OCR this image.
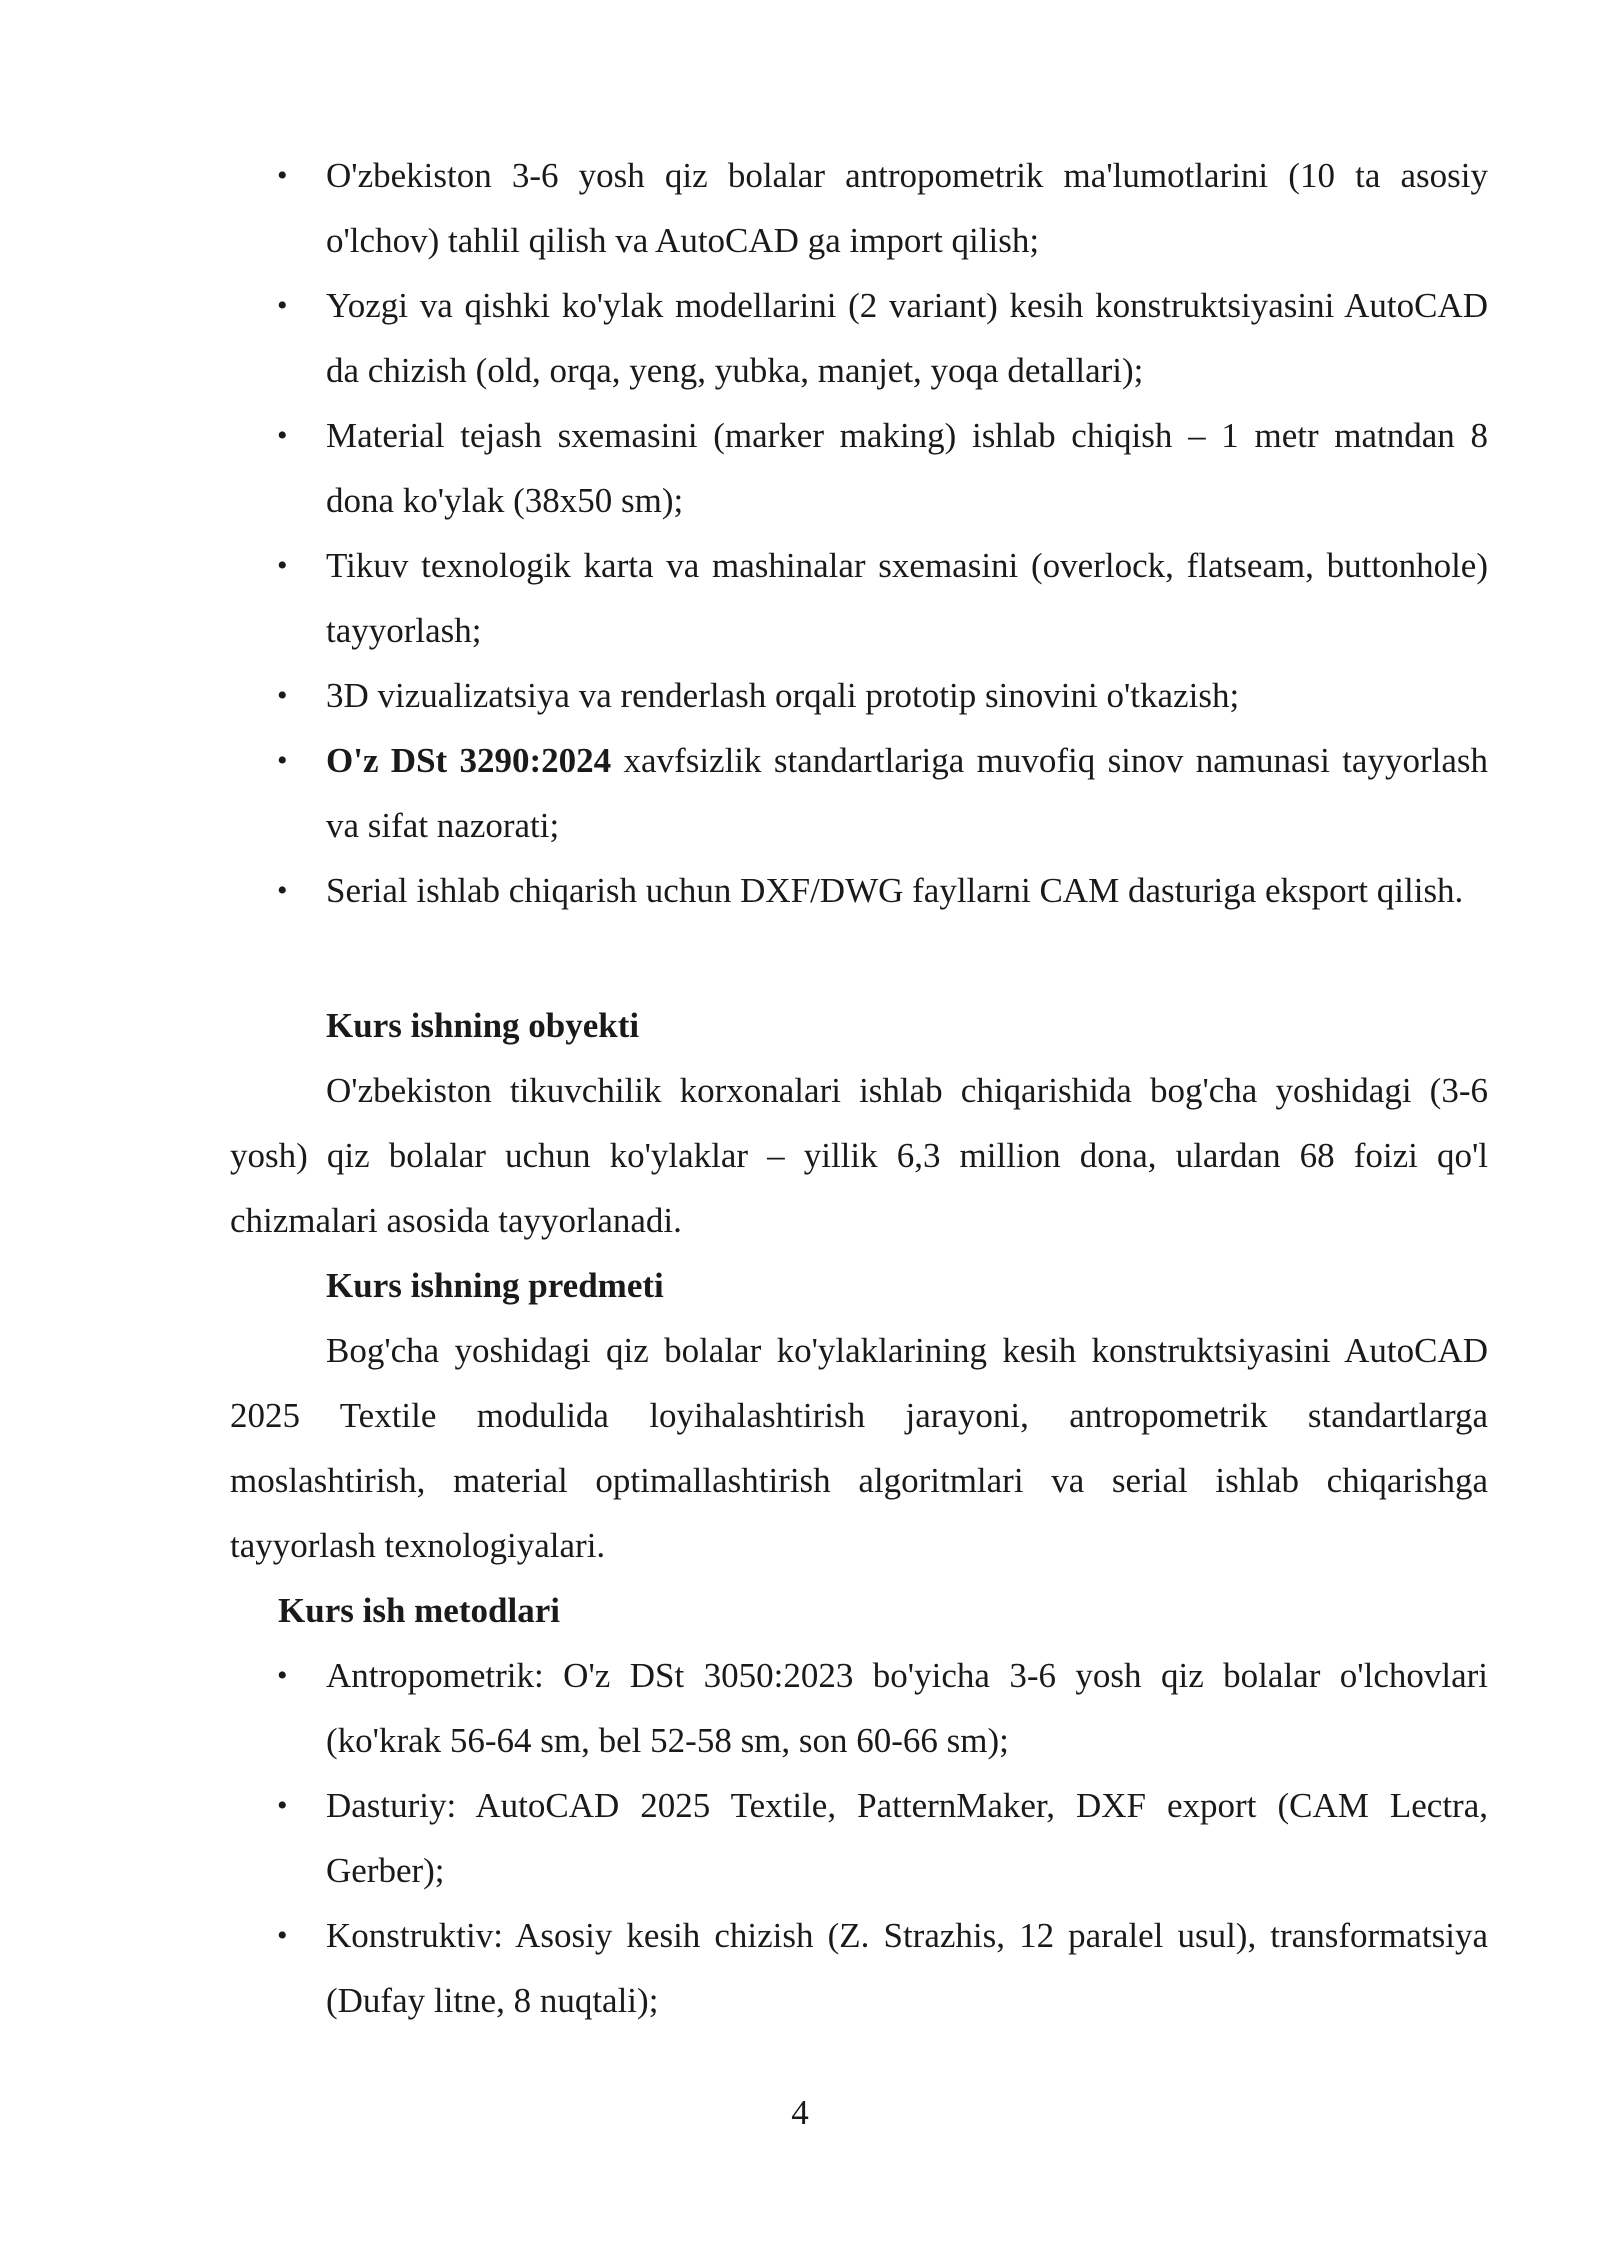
• O'zbekiston 3-6 yosh qiz bolalar antropometrik ma'lumotlarini (10 ta asosiy o'lchov) tahlil qilish va AutoCAD ga import qilish;
• Yozgi va qishki ko'ylak modellarini (2 variant) kesih konstruktsiyasini AutoCAD da chizish (old, orqa, yeng, yubka, manjet, yoqa detallari);
• Material tejash sxemasini (marker making) ishlab chiqish – 1 metr matndan 8 dona ko'ylak (38x50 sm);
• Tikuv texnologik karta va mashinalar sxemasini (overlock, flatseam, buttonhole) tayyorlash;
• 3D vizualizatsiya va renderlash orqali prototip sinovini o'tkazish;
• O'z DSt 3290:2024 xavfsizlik standartlariga muvofiq sinov namunasi tayyorlash va sifat nazorati;
• Serial ishlab chiqarish uchun DXF/DWG fayllarni CAM dasturiga eksport qilish.
Kurs ishning obyekti
O'zbekiston tikuvchilik korxonalari ishlab chiqarishida bog'cha yoshidagi (3-6 yosh) qiz bolalar uchun ko'ylaklar – yillik 6,3 million dona, ulardan 68 foizi qo'l chizmalari asosida tayyorlanadi.
Kurs ishning predmeti
Bog'cha yoshidagi qiz bolalar ko'ylaklarining kesih konstruktsiyasini AutoCAD 2025 Textile modulida loyihalashtirish jarayoni, antropometrik standartlarga moslashtirish, material optimallashtirish algoritmlari va serial ishlab chiqarishga tayyorlash texnologiyalari.
Kurs ish metodlari
• Antropometrik: O'z DSt 3050:2023 bo'yicha 3-6 yosh qiz bolalar o'lchovlari (ko'krak 56-64 sm, bel 52-58 sm, son 60-66 sm);
• Dasturiy: AutoCAD 2025 Textile, PatternMaker, DXF export (CAM Lectra, Gerber);
• Konstruktiv: Asosiy kesih chizish (Z. Strazhis, 12 paralel usul), transformatsiya (Dufay litne, 8 nuqtali);
4
